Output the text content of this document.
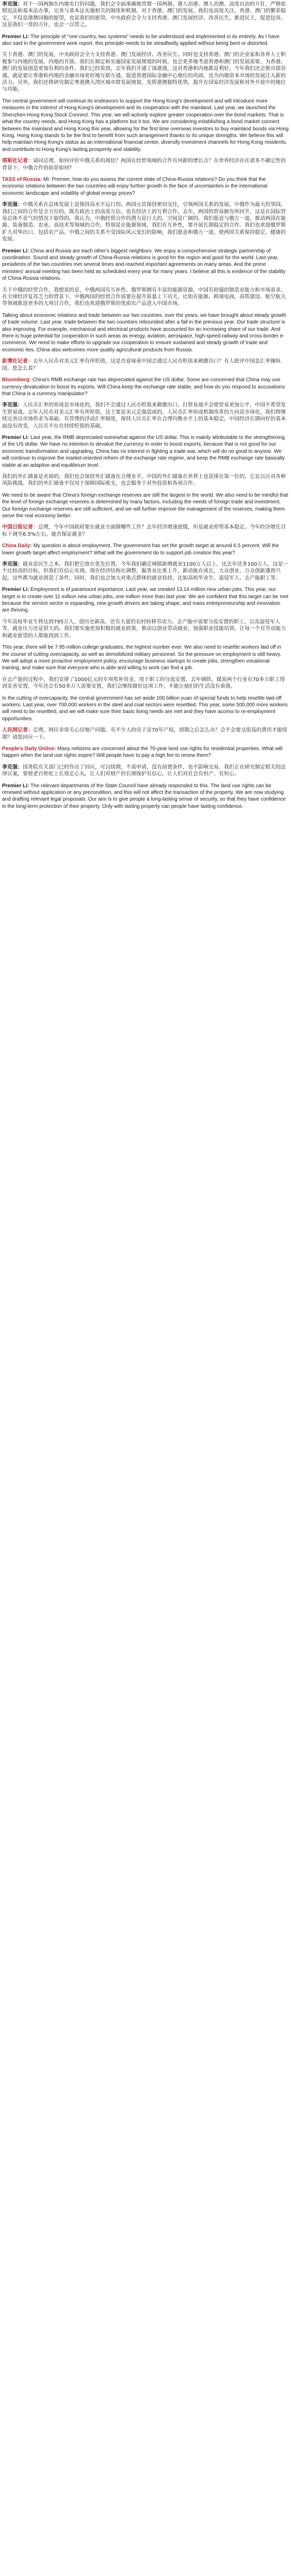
李克强：对于一国两制在内地实行的问题，我们会全面准确地贯彻一国两制、港人治港、澳人治澳、高度自治的方针，严格依照宪法和基本法办事，完善与基本法实施相关的制度和机制。对于香港、澳门的发展，我们也高度关注。香港、澳门的繁荣稳定，不仅是港澳同胞的愿望，也是我们的愿望。中央政府会全力支持香港、澳门发展经济、改善民生，推进民主，促进包容。这是我们一贯的方针，也会一以贯之。

Premier Li: The principle of "one country, two systems" needs to be understood and implemented in its entirety. As I have also said in the government work report, this principle needs to be steadfastly applied without being bent or distorted.

关于香港、澳门的发展，中央政府会全力支持香港、澳门发展经济、改善民生。同时也支持香港、澳门的企业家和各界人士积极参与内地的发展、内地的开放。我们在制定和实施国家发展规划的时候，也会更多地考虑香港和澳门的发展需要，为香港、澳门的发展创造更加有利的条件。我们已经看到，去年我们开通了深港通，这对香港和内地都是利好。今年我们还会推出债券通，就是要让香港和内地的金融市场更好地互联互通，促进香港国际金融中心地位的巩固，也为内地资本市场的发展注入新的活力。另外，我们还将研究制定粤港澳大湾区城市群发展规划，发挥港澳独特优势，提升在国家经济发展和对外开放中的地位与功能。

The central government will continue its endeavors to support the Hong Kong's development and will introduce more measures in the interest of Hong Kong's development and its cooperation with the mainland. Last year, we launched the Shenzhen-Hong Kong Stock Connect. This year, we will actively explore greater cooperation over the bond markets. That is what the country needs, and Hong Kong has a platform but it too. We are considering establishing a bond market connect between the mainland and Hong Kong this year, allowing for the first time overseas investors to buy mainland bonds via Hong Kong. Hong Kong stands to be the first to benefit from such arrangement thanks to its unique strengths. We believe this will help maintain Hong Kong's status as an international financial center, diversify investment channels for Hong Kong residents, and contribute to Hong Kong's lasting prosperity and stability.

塔斯社记者：请问总理，如何评价中俄关系的现状？两国在经贸领域的合作有何新的增长点？在世界经济存在诸多不确定性的背景下，中俄合作的前景如何？

TASS of Russia: Mr. Premier, how do you assess the current state of China-Russia relations? Do you think that the economic relations between the two countries will enjoy further growth in the face of uncertainties in the international economic landscape and volatility of global energy prices?

李克强：中俄关系在总体发展上是保持高水平运行的。两国元首保持密切交往，引领两国关系的发展。中俄作为最大的邻国，我们之间的合作是全方位的，既有政治上的高度互信，也有经济上的互利合作。去年，两国的贸易额有所回升，这是在国际贸易总体不景气的情况下取得的。我认为，中俄经贸合作的潜力是巨大的，空间是广阔的。我们愿意与俄方一道，推动两国在能源、装备制造、农业、高技术等领域的合作，特别是在能源领域，我们有互补性，要开展长期稳定的合作。我们也欢迎俄罗斯扩大对华出口，包括农产品。中俄之间的关系不受国际风云变幻的影响，我们愿意和俄方一道，使两国关系保持稳定、健康的发展。

Premier Li: China and Russia are each other's biggest neighbors. We enjoy a comprehensive strategic partnership of coordination. Sound and steady growth of China-Russia relations is good for the region and good for the world. Last year, presidents of the two countries met several times and reached important agreements on many areas. And the prime ministers' annual meeting has been held as scheduled every year for many years. I believe all this is evidence of the stability of China-Russia relations.

关于中俄的经贸合作，我想说的是，中俄两国有互补性。俄罗斯拥有丰富的能源资源，中国有较强的制造业能力和市场需求。在全球经济复苏乏力的背景下，中俄两国的经贸合作需要在提升质量上下功夫，比如在能源、跨境电商、高铁建设、航空航天等领域推进更多的大项目合作，我们也欢迎俄罗斯的优质农产品进入中国市场。

Talking about economic relations and trade between our two countries, over the years, we have brought about steady growth of trade volume. Last year, trade between the two countries rebounded after a fall in the previous year. Our trade structure is also improving. For example, mechanical and electrical products have accounted for an increasing share of our trade. And there is huge potential for cooperation in such areas as energy, aviation, aerospace, high-speed railway and cross-border e-commerce. We need to make efforts to upgrade our cooperation to ensure sustained and steady growth of trade and economic ties. China also welcomes more quality agricultural products from Russia.

彭博社记者：去年人民币对美元汇率有所贬值，这是否意味着中国会通过人民币贬值来刺激出口？有人批评中国是汇率操纵国，您怎么看？

Bloomberg: China's RMB exchange rate has depreciated against the US dollar. Some are concerned that China may use currency devaluation to boost its exports. Will China keep the exchange rate stable, and how do you respond to accusations that China is a currency manipulator?

李克强：人民币汇率的形成是市场化的，我们不会通过人民币贬值来刺激出口。打贸易战不会使贸易更加公平，中国不希望发生贸易战。去年人民币对美元汇率有所贬值，这主要是美元走强造成的。人民币汇率形成机制改革的方向是市场化，我们将继续完善以市场供求为基础、有管理的浮动汇率制度，保持人民币汇率在合理均衡水平上的基本稳定。中国经济长期向好的基本面没有改变，人民币不存在持续贬值的基础。

Premier Li: Last year, the RMB depreciated somewhat against the US dollar. This is mainly attributable to the strengthening of the US dollar. We have no intention to devalue the currency in order to boost exports, because that is not good for our economic transformation and upgrading. China has no interest in fighting a trade war, which will do no good to anyone. We will continue to improve the market-oriented reform of the exchange rate regime, and keep the RMB exchange rate basically stable at an adaptive and equilibrium level.

我们的外汇储备是充裕的，我们也会保持外汇储备在合理水平。中国的外汇储备在世界上也是排在第一位的，它足以应对各种风险挑战。我们的外汇储备不仅用于保障国际收支，也会服务于对外投资和各项合作。

We need to be aware that China's foreign exchange reserves are still the largest in the world. We also need to be mindful that the level of foreign exchange reserves is determined by many factors, including the needs of foreign trade and investment. Our foreign exchange reserves are still sufficient, and we will further improve the management of the reserves, making them serve the real economy better.

中国日报记者：总理，今年中国政府要在就业方面做哪些工作？去年经济增速放缓，但是就业形势基本稳定。今年经济增长目标下调至6.5%左右，能否保证就业？

China Daily: My question is about employment. The government has set the growth target at around 6.5 percent. Will the lower growth target affect employment? What will the government do to support job creation this year?

李克强：就业是民生之本，我们把它放在优先位置。今年我们确定城镇新增就业1100万人以上，比去年还多100万人。这是一个比较高的目标，但我们有信心实现。现在经济结构在调整，服务业比重上升，新动能在成长，大众创业、万众创新蓬勃兴起，这些都为就业创造了条件。同时，我们也会加大对重点群体的就业扶持，比如高校毕业生、退役军人、去产能职工等。

Premier Li: Employment is of paramount importance. Last year, we created 13.14 million new urban jobs. This year, our target is to create over 11 million new urban jobs, one million more than last year. We are confident that this target can be met because the service sector is expanding, new growth drivers are taking shape, and mass entrepreneurship and innovation are thriving.

今年高校毕业生将达到795万人，创历史新高。还有大量的农村转移劳动力、去产能中需要分流安置的职工，以及退役军人等，就业压力还是很大的。我们要实施更加积极的就业政策，推动以创业带动就业，加强职业技能培训，让每一个有劳动能力和就业愿望的人都能找到工作。

This year, there will be 7.95 million college graduates, the highest number ever. We also need to resettle workers laid off in the course of cutting overcapacity, as well as demobilized military personnel. So the pressure on employment is still heavy. We will adopt a more proactive employment policy, encourage business startups to create jobs, strengthen vocational training, and make sure that everyone who is able and willing to work can find a job.

在去产能的过程中，我们安排了1000亿元的专项奖补资金，用于职工的分流安置。去年钢铁、煤炭两个行业有70多万职工得到妥善安置，今年还会有50多万人需要安置，我们会继续做好这项工作，不能让他们的生活没有着落。

In the cutting of overcapacity, the central government has set aside 100 billion yuan of special funds to help resettle laid-off workers. Last year, over 700,000 workers in the steel and coal sectors were resettled. This year, some 500,000 more workers will need to be resettled, and we will make sure their basic living needs are met and they have access to re-employment opportunities.

人民网记者：总理，网民非常关心房地产问题。有不少人的房子是70年产权，到期之后怎么办？会不会要交很高的费用才能续期？请您回应一下。

People's Daily Online: Many netizens are concerned about the 70-year land use rights for residential properties. What will happen when the land use rights expire? Will people have to pay a high fee to renew them?

李克强：国务院有关部门已经作出了回应，可以续期，不需申请，没有前置条件，也不影响交易。我们正在研究制定相关的法律议案，要使老百姓吃上长效定心丸，让人们对财产的长期保护有信心，让人们对社会有恒产、有恒心。

Premier Li: The relevant departments of the State Council have already responded to this. The land use rights can be renewed without application or any precondition, and this will not affect the transaction of the property. We are now studying and drafting relevant legal proposals. Our aim is to give people a long-lasting sense of security, so that they have confidence in the long-term protection of their property. Only with lasting property can people have lasting confidence.
